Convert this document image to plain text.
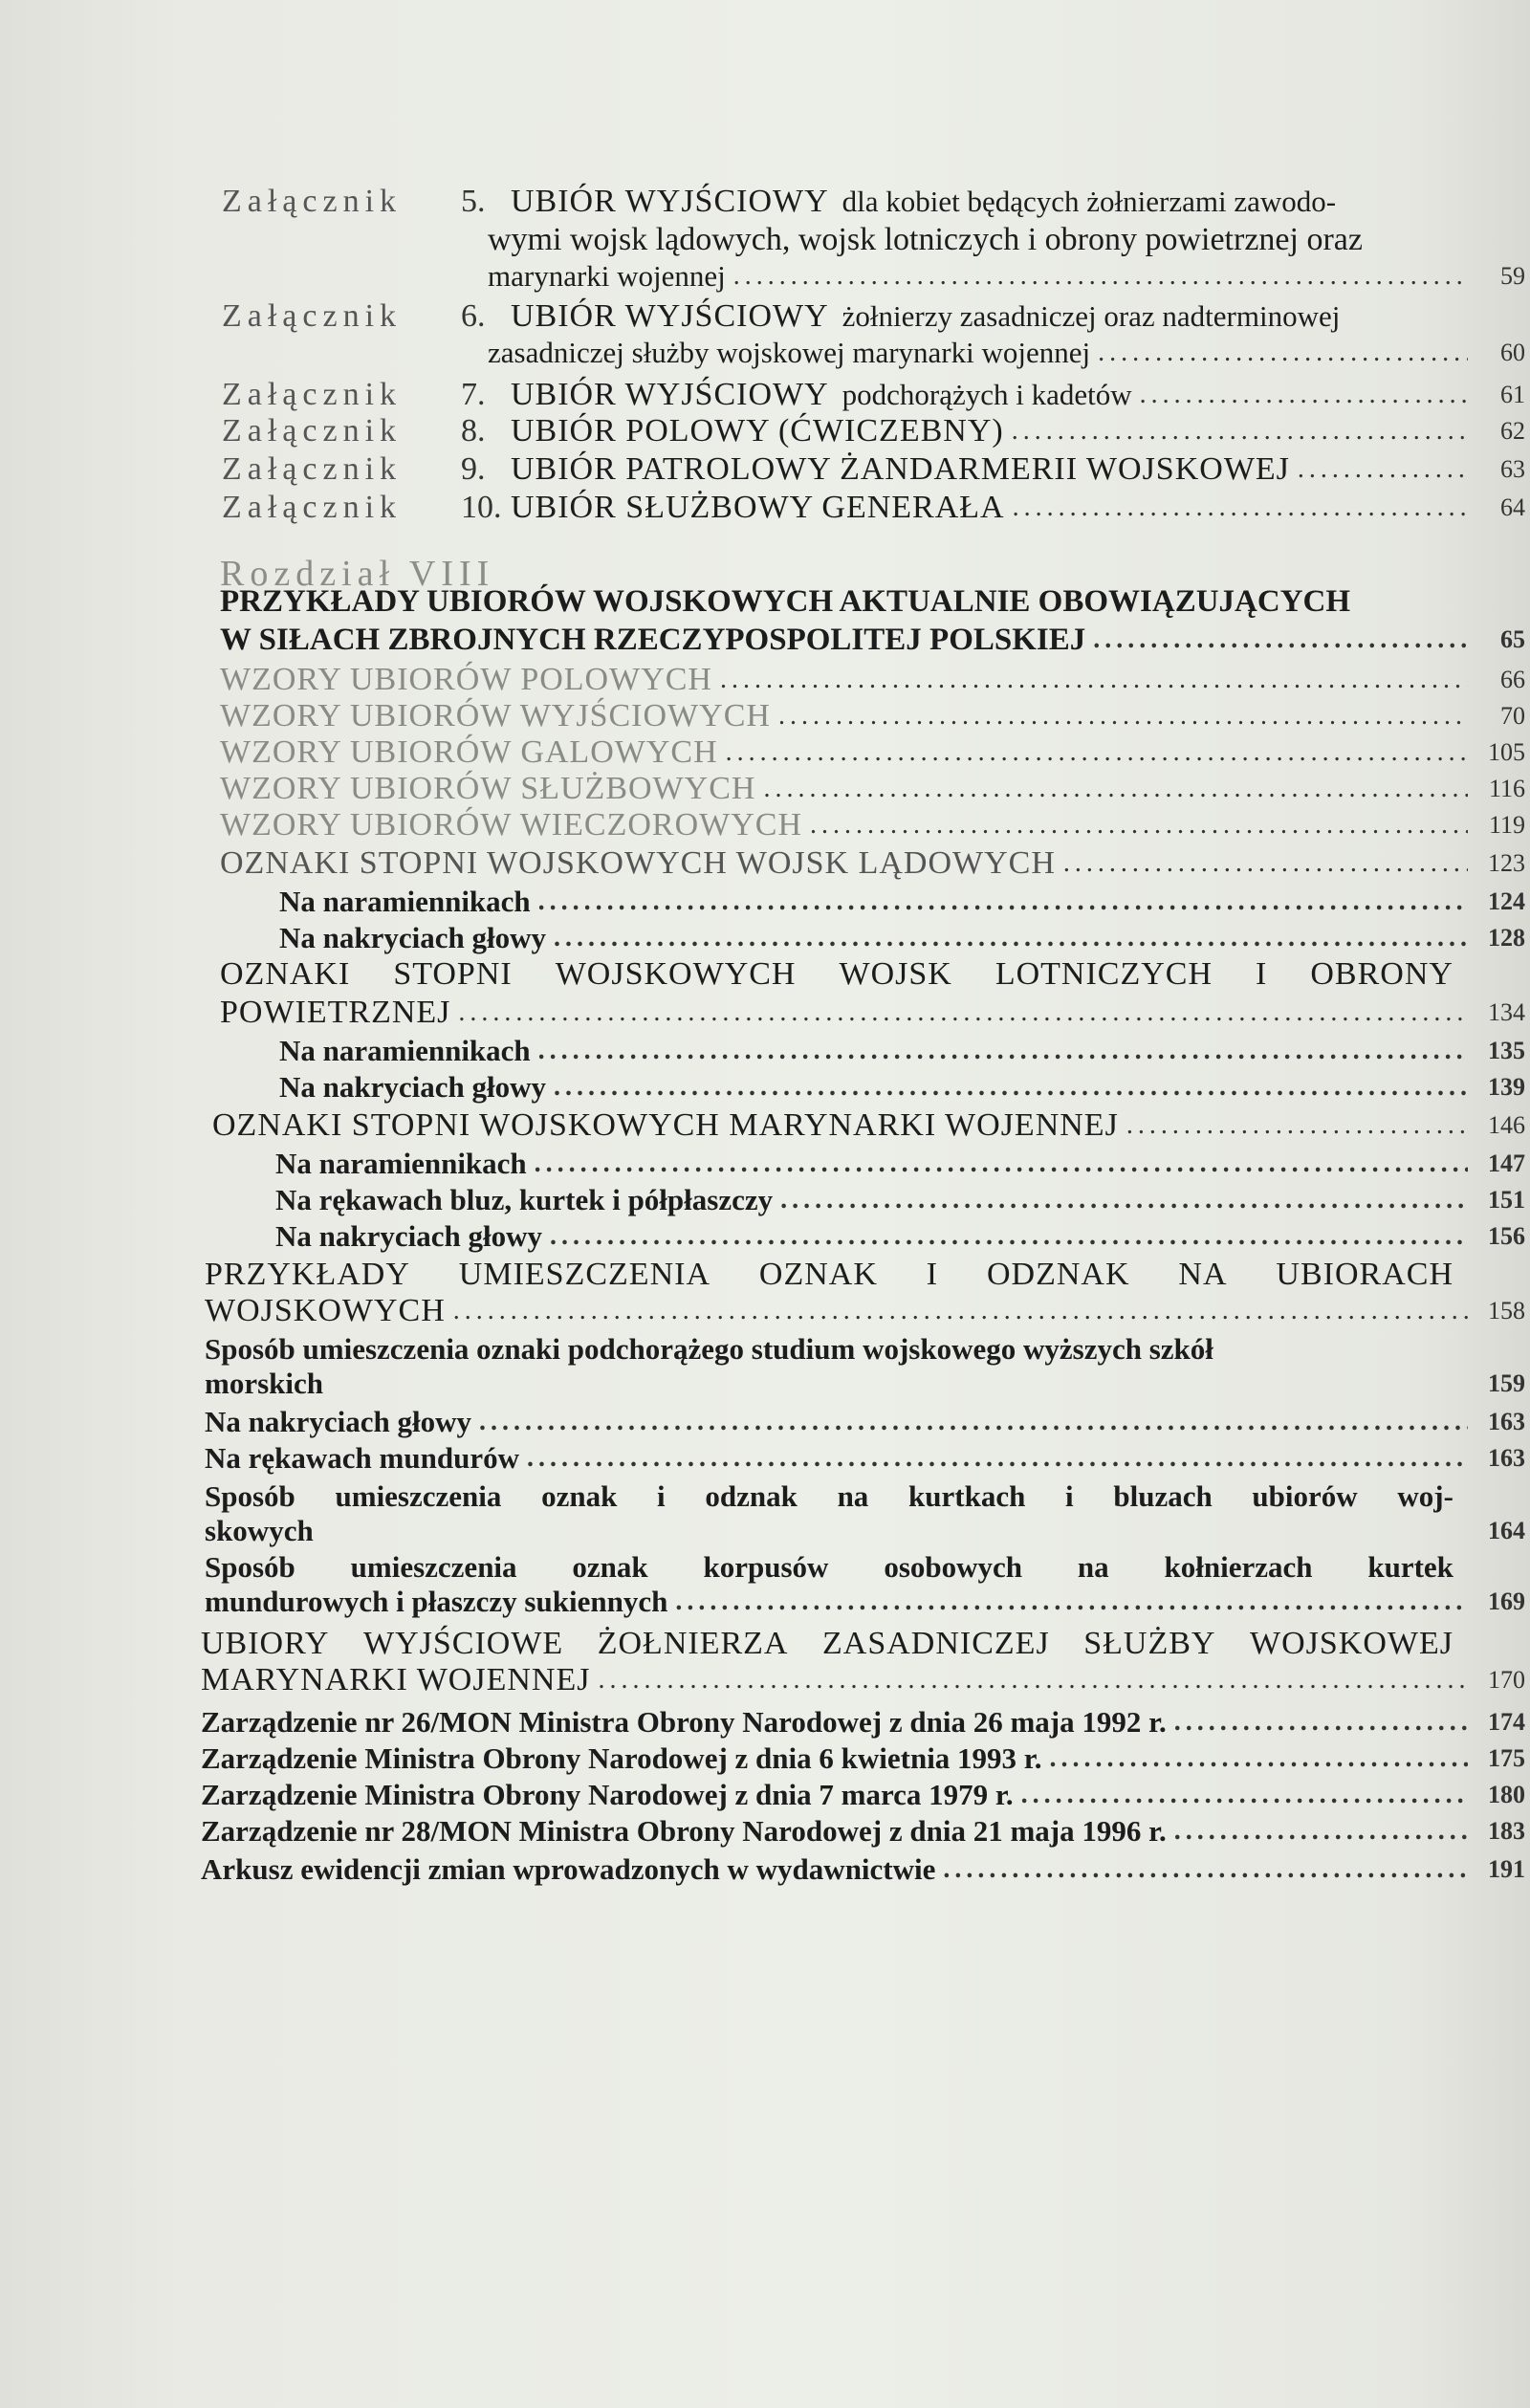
Załącznik	5. UBIÓR WYJŚCIOWY dla kobiet będących żołnierzami zawodo-
wymi wojsk lądowych, wojsk lotniczych i obrony powietrznej oraz
marynarki wojennej .....	59
Załącznik	6. UBIÓR WYJŚCIOWY żołnierzy zasadniczej oraz nadterminowej
zasadniczej służby wojskowej marynarki wojennej .....	60
Załącznik	7. UBIÓR WYJŚCIOWY podchorążych i kadetów .....	61
Załącznik	8. UBIÓR POLOWY (ĆWICZEBNY) .....	62
Załącznik	9. UBIÓR PATROLOWY ŻANDARMERII WOJSKOWEJ .....	63
Załącznik	10. UBIÓR SŁUŻBOWY GENERAŁA .....	64
Rozdział VIII
PRZYKŁADY UBIORÓW WOJSKOWYCH AKTUALNIE OBOWIĄZUJĄCYCH
W SIŁACH ZBROJNYCH RZECZYPOSPOLITEJ POLSKIEJ .....	65
WZORY UBIORÓW POLOWYCH .....	66
WZORY UBIORÓW WYJŚCIOWYCH .....	70
WZORY UBIORÓW GALOWYCH .....	105
WZORY UBIORÓW SŁUŻBOWYCH .....	116
WZORY UBIORÓW WIECZOROWYCH .....	119
OZNAKI STOPNI WOJSKOWYCH WOJSK LĄDOWYCH .....	123
Na naramiennikach .....	124
Na nakryciach głowy .....	128
OZNAKI STOPNI WOJSKOWYCH WOJSK LOTNICZYCH I OBRONY
POWIETRZNEJ .....	134
Na naramiennikach .....	135
Na nakryciach głowy .....	139
OZNAKI STOPNI WOJSKOWYCH MARYNARKI WOJENNEJ .....	146
Na naramiennikach .....	147
Na rękawach bluz, kurtek i półpłaszczy .....	151
Na nakryciach głowy .....	156
PRZYKŁADY UMIESZCZENIA OZNAK I ODZNAK NA UBIORACH
WOJSKOWYCH .....	158
Sposób umieszczenia oznaki podchorążego studium wojskowego wyższych szkół
morskich	159
Na nakryciach głowy .....	163
Na rękawach mundurów .....	163
Sposób umieszczenia oznak i odznak na kurtkach i bluzach ubiorów woj-
skowych	164
Sposób umieszczenia oznak korpusów osobowych na kołnierzach kurtek
mundurowych i płaszczy sukiennych .....	169
UBIORY WYJŚCIOWE ŻOŁNIERZA ZASADNICZEJ SŁUŻBY WOJSKOWEJ
MARYNARKI WOJENNEJ .....	170
Zarządzenie nr 26/MON Ministra Obrony Narodowej z dnia 26 maja 1992 r. .....	174
Zarządzenie Ministra Obrony Narodowej z dnia 6 kwietnia 1993 r. .....	175
Zarządzenie Ministra Obrony Narodowej z dnia 7 marca 1979 r. .....	180
Zarządzenie nr 28/MON Ministra Obrony Narodowej z dnia 21 maja 1996 r. .....	183
Arkusz ewidencji zmian wprowadzonych w wydawnictwie .....	191
